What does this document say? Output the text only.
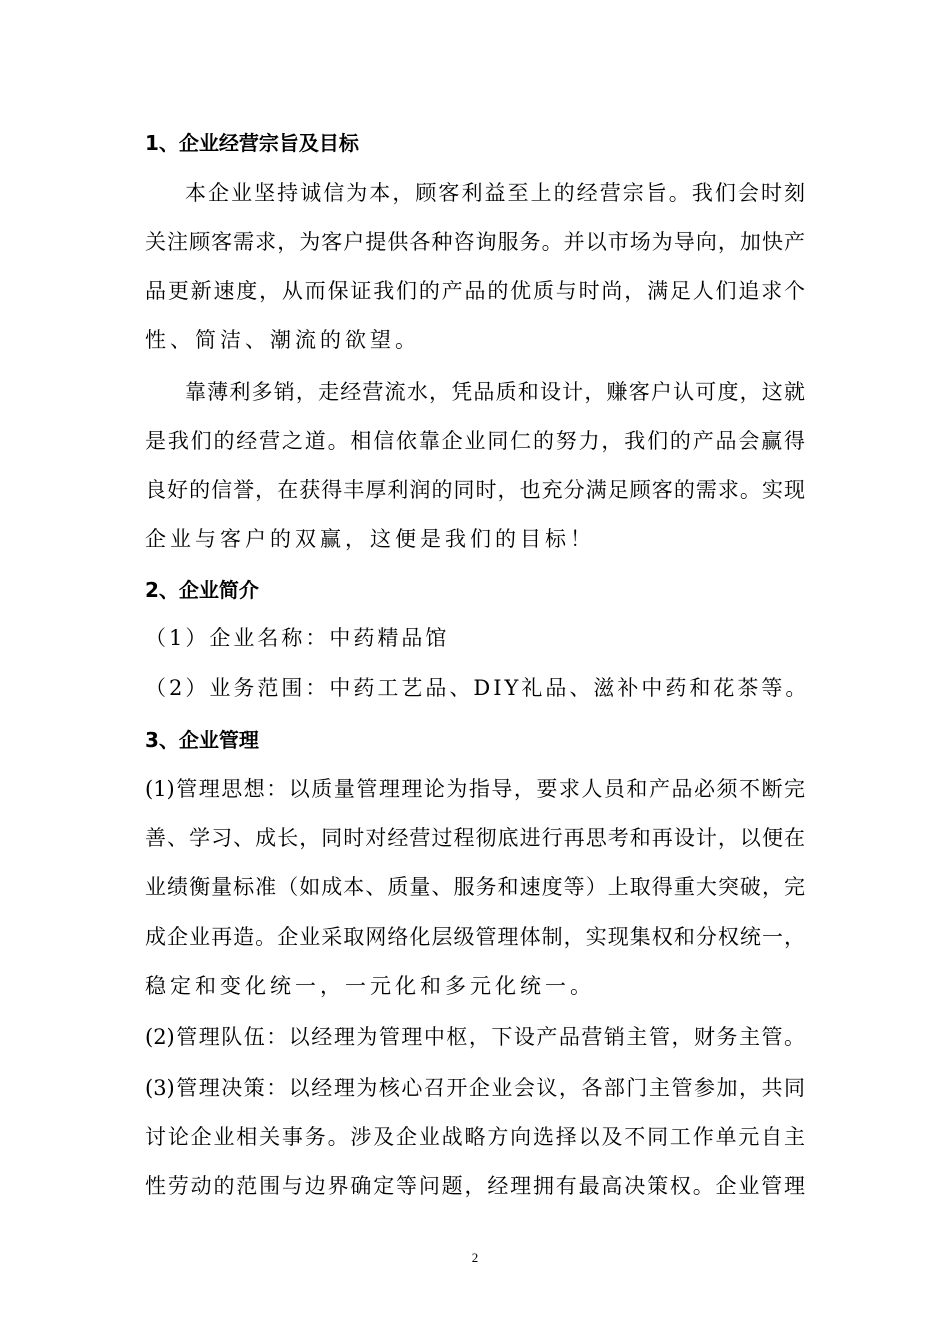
1、企业经营宗旨及目标
本企业坚持诚信为本，顾客利益至上的经营宗旨。我们会时刻
关注顾客需求，为客户提供各种咨询服务。并以市场为导向，加快产
品更新速度，从而保证我们的产品的优质与时尚，满足人们追求个
性、简洁、潮流的欲望。
靠薄利多销，走经营流水，凭品质和设计，赚客户认可度，这就
是我们的经营之道。相信依靠企业同仁的努力，我们的产品会赢得
良好的信誉，在获得丰厚利润的同时，也充分满足顾客的需求。实现
企业与客户的双赢，这便是我们的目标！
2、企业简介
（1）企业名称：中药精品馆
（2）业务范围：中药工艺品、DIY礼品、滋补中药和花茶等。
3、企业管理
(1)管理思想：以质量管理理论为指导，要求人员和产品必须不断完
善、学习、成长，同时对经营过程彻底进行再思考和再设计，以便在
业绩衡量标准（如成本、质量、服务和速度等）上取得重大突破，完
成企业再造。企业采取网络化层级管理体制，实现集权和分权统一，
稳定和变化统一，一元化和多元化统一。
(2)管理队伍：以经理为管理中枢，下设产品营销主管，财务主管。
(3)管理决策：以经理为核心召开企业会议，各部门主管参加，共同
讨论企业相关事务。涉及企业战略方向选择以及不同工作单元自主
性劳动的范围与边界确定等问题，经理拥有最高决策权。企业管理
2
